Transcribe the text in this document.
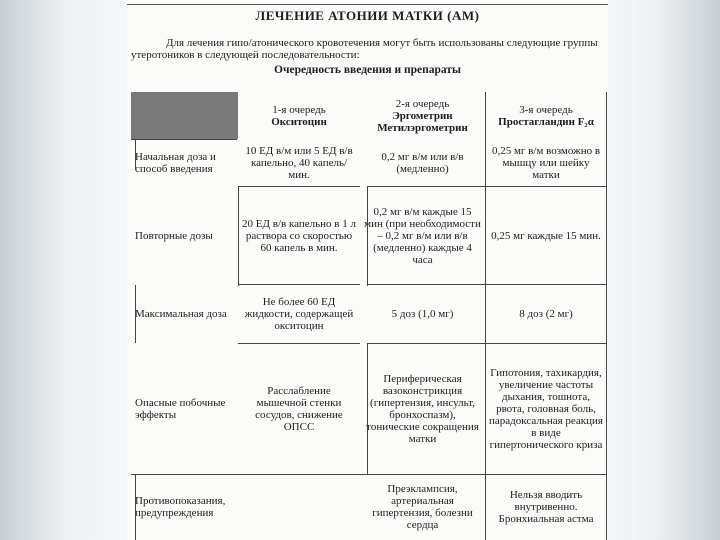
ЛЕЧЕНИЕ АТОНИИ МАТКИ (АМ)
Для лечения гипо/атонического кровотечения могут быть использованы следующие группы утеротоников в следующей последовательности:
Очередность введения и препараты
1-я очередь
Окситоцин
2-я очередь
Эргометрин Метилэргометрин
3-я очередь
Простагландин F₂α
Начальная доза и способ введения
10 ЕД в/м или 5 ЕД в/в капельно, 40 капель/мин.
0,2 мг в/м или в/в (медленно)
0,25 мг в/м возможно в мышцу или шейку матки
Повторные дозы
20 ЕД в/в капельно в 1 л раствора со скоростью 60 капель в мин.
0,2 мг в/м каждые 15 мин (при необходимости – 0,2 мг в/м или в/в (медленно) каждые 4 часа
0,25 мг каждые 15 мин.
Максимальная доза
Не более 60 ЕД жидкости, содержащей окситоцин
5 доз (1,0 мг)	8 доз (2 мг)
Опасные побочные эффекты
Расслабление мышечной стенки сосудов, снижение ОПСС
Периферическая вазоконстрикция (гипертензия, инсульт, бронхоспазм), тонические сокращения матки
Гипотония, тахикардия, увеличение частоты дыхания, тошнота, рвота, головная боль, парадоксальная реакция в виде гипертонического криза
Противопоказания, предупреждения
Преэклампсия, артериальная гипертензия, болезни сердца
Нельзя вводить внутривенно. Бронхиальная астма
